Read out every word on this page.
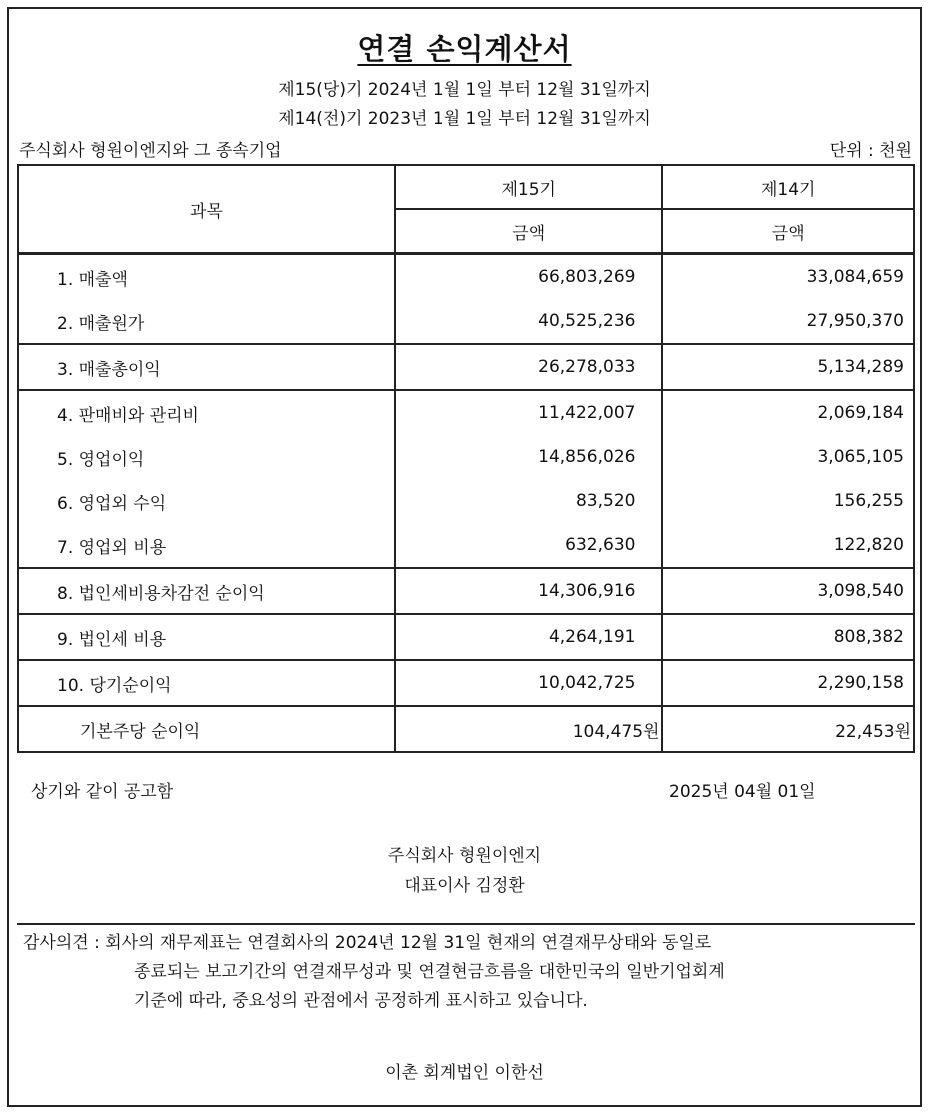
연결 손익계산서
제15(당)기 2024년 1월 1일 부터 12월 31일까지
제14(전)기 2023년 1월 1일 부터 12월 31일까지
주식회사 형원이엔지와 그 종속기업	단위 : 천원
과목	제15기	제14기
	금액	금액
1. 매출액	66,803,269	33,084,659
2. 매출원가	40,525,236	27,950,370
3. 매출총이익	26,278,033	5,134,289
4. 판매비와 관리비	11,422,007	2,069,184
5. 영업이익	14,856,026	3,065,105
6. 영업외 수익	83,520	156,255
7. 영업외 비용	632,630	122,820
8. 법인세비용차감전 순이익	14,306,916	3,098,540
9. 법인세 비용	4,264,191	808,382
10. 당기순이익	10,042,725	2,290,158
기본주당 순이익	104,475원	22,453원
상기와 같이 공고함	2025년 04월 01일
주식회사 형원이엔지
대표이사 김정환
감사의견 : 회사의 재무제표는 연결회사의 2024년 12월 31일 현재의 연결재무상태와 동일로
종료되는 보고기간의 연결재무성과 및 연결현금흐름을 대한민국의 일반기업회계
기준에 따라, 중요성의 관점에서 공정하게 표시하고 있습니다.
이촌 회계법인 이한선
